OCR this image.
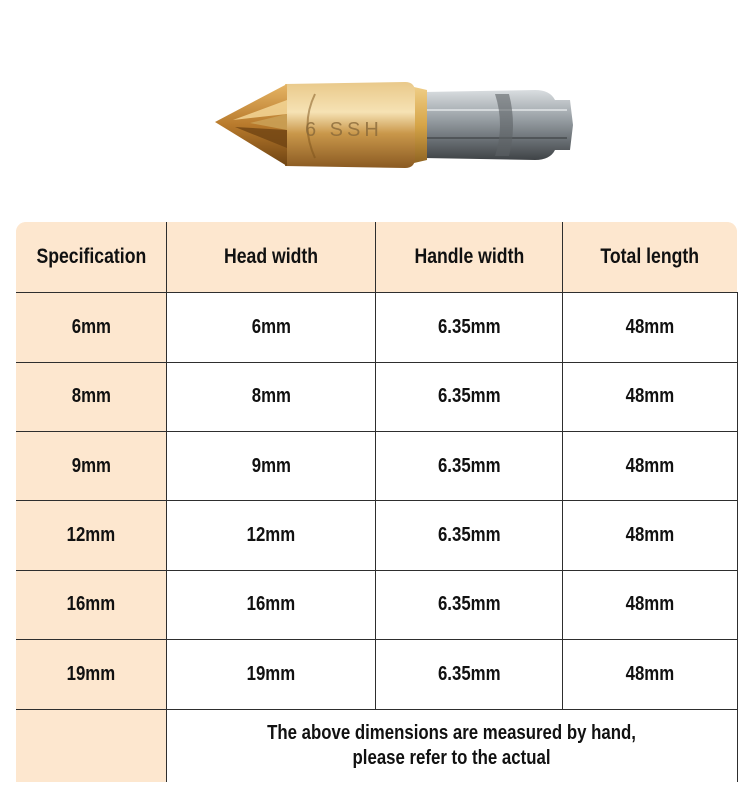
6 SSH
Specification	Head width	Handle width	Total length
6mm	6mm	6.35mm	48mm
8mm	8mm	6.35mm	48mm
9mm	9mm	6.35mm	48mm
12mm	12mm	6.35mm	48mm
16mm	16mm	6.35mm	48mm
19mm	19mm	6.35mm	48mm
	The above dimensions are measured by hand,
please refer to the actual		
